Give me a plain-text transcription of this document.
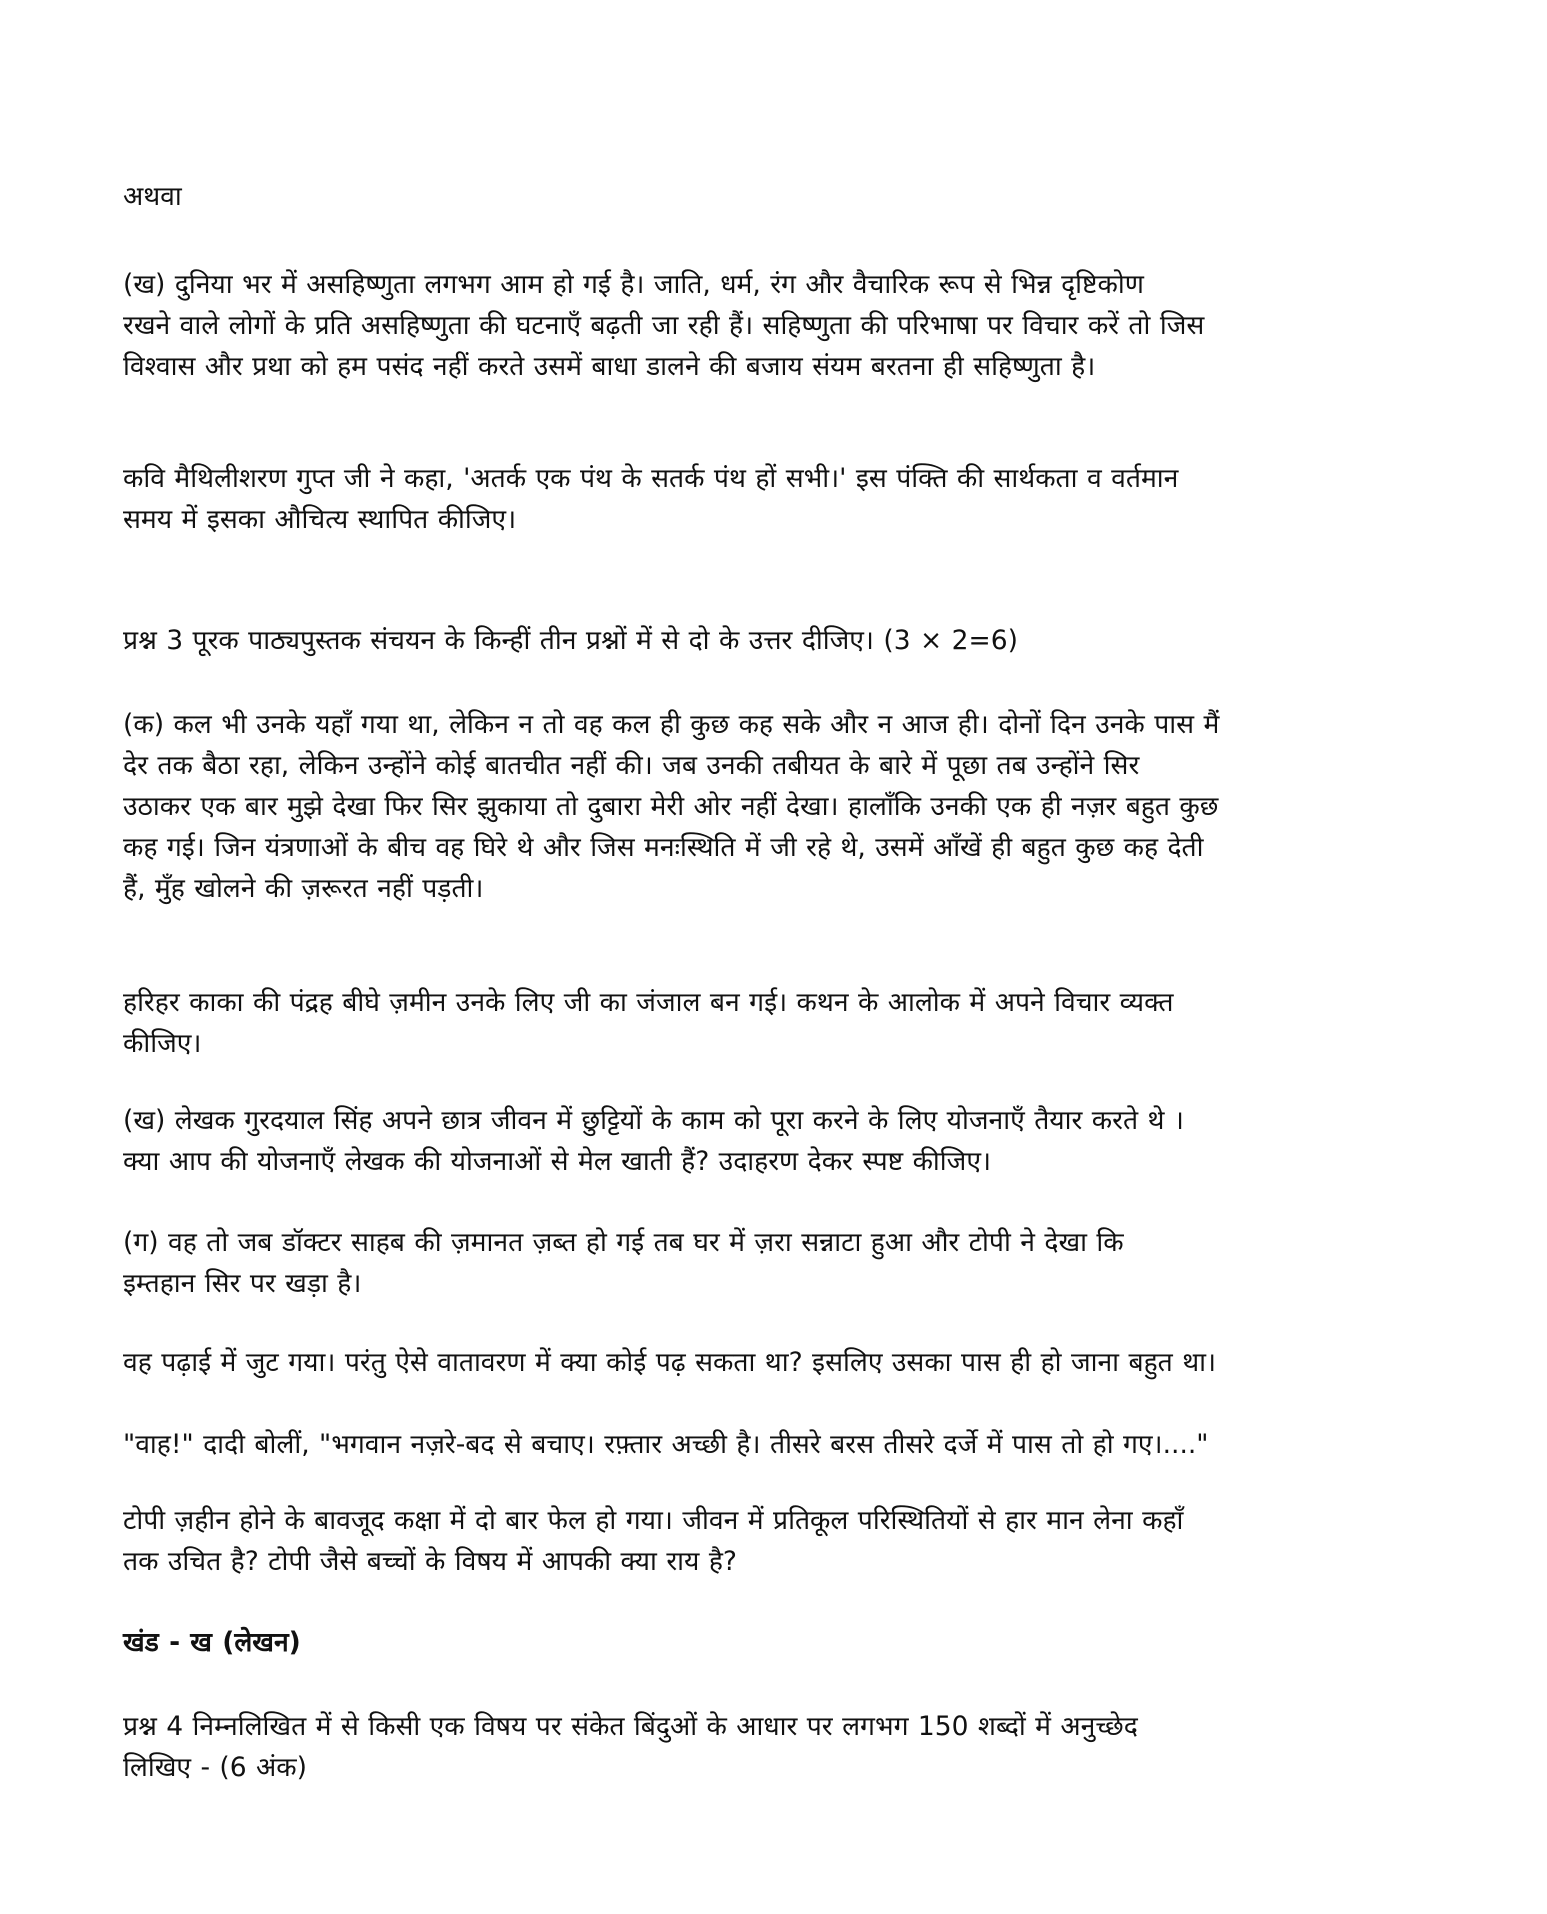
अथवा

(ख) दुनिया भर में असहिष्णुता लगभग आम हो गई है। जाति, धर्म, रंग और वैचारिक रूप से भिन्न दृष्टिकोण
रखने वाले लोगों के प्रति असहिष्णुता की घटनाएँ बढ़ती जा रही हैं। सहिष्णुता की परिभाषा पर विचार करें तो जिस
विश्वास और प्रथा को हम पसंद नहीं करते उसमें बाधा डालने की बजाय संयम बरतना ही सहिष्णुता है।

कवि मैथिलीशरण गुप्त जी ने कहा, 'अतर्क एक पंथ के सतर्क पंथ हों सभी।' इस पंक्ति की सार्थकता व वर्तमान
समय में इसका औचित्य स्थापित कीजिए।

प्रश्न 3 पूरक पाठ्यपुस्तक संचयन के किन्हीं तीन प्रश्नों में से दो के उत्तर दीजिए। (3 × 2=6)

(क) कल भी उनके यहाँ गया था, लेकिन न तो वह कल ही कुछ कह सके और न आज ही। दोनों दिन उनके पास मैं
देर तक बैठा रहा, लेकिन उन्होंने कोई बातचीत नहीं की। जब उनकी तबीयत के बारे में पूछा तब उन्होंने सिर
उठाकर एक बार मुझे देखा फिर सिर झुकाया तो दुबारा मेरी ओर नहीं देखा। हालाँकि उनकी एक ही नज़र बहुत कुछ
कह गई। जिन यंत्रणाओं के बीच वह घिरे थे और जिस मनःस्थिति में जी रहे थे, उसमें आँखें ही बहुत कुछ कह देती
हैं, मुँह खोलने की ज़रूरत नहीं पड़ती।

हरिहर काका की पंद्रह बीघे ज़मीन उनके लिए जी का जंजाल बन गई। कथन के आलोक में अपने विचार व्यक्त
कीजिए।

(ख) लेखक गुरदयाल सिंह अपने छात्र जीवन में छुट्टियों के काम को पूरा करने के लिए योजनाएँ तैयार करते थे ।
क्या आप की योजनाएँ लेखक की योजनाओं से मेल खाती हैं? उदाहरण देकर स्पष्ट कीजिए।

(ग) वह तो जब डॉक्टर साहब की ज़मानत ज़ब्त हो गई तब घर में ज़रा सन्नाटा हुआ और टोपी ने देखा कि
इम्तहान सिर पर खड़ा है।

वह पढ़ाई में जुट गया। परंतु ऐसे वातावरण में क्या कोई पढ़ सकता था? इसलिए उसका पास ही हो जाना बहुत था।

"वाह!" दादी बोलीं, "भगवान नज़रे-बद से बचाए। रफ़्तार अच्छी है। तीसरे बरस तीसरे दर्जे में पास तो हो गए।...."

टोपी ज़हीन होने के बावजूद कक्षा में दो बार फेल हो गया। जीवन में प्रतिकूल परिस्थितियों से हार मान लेना कहाँ
तक उचित है? टोपी जैसे बच्चों के विषय में आपकी क्या राय है?

खंड - ख (लेखन)

प्रश्न 4 निम्नलिखित में से किसी एक विषय पर संकेत बिंदुओं के आधार पर लगभग 150 शब्दों में अनुच्छेद
लिखिए - (6 अंक)
